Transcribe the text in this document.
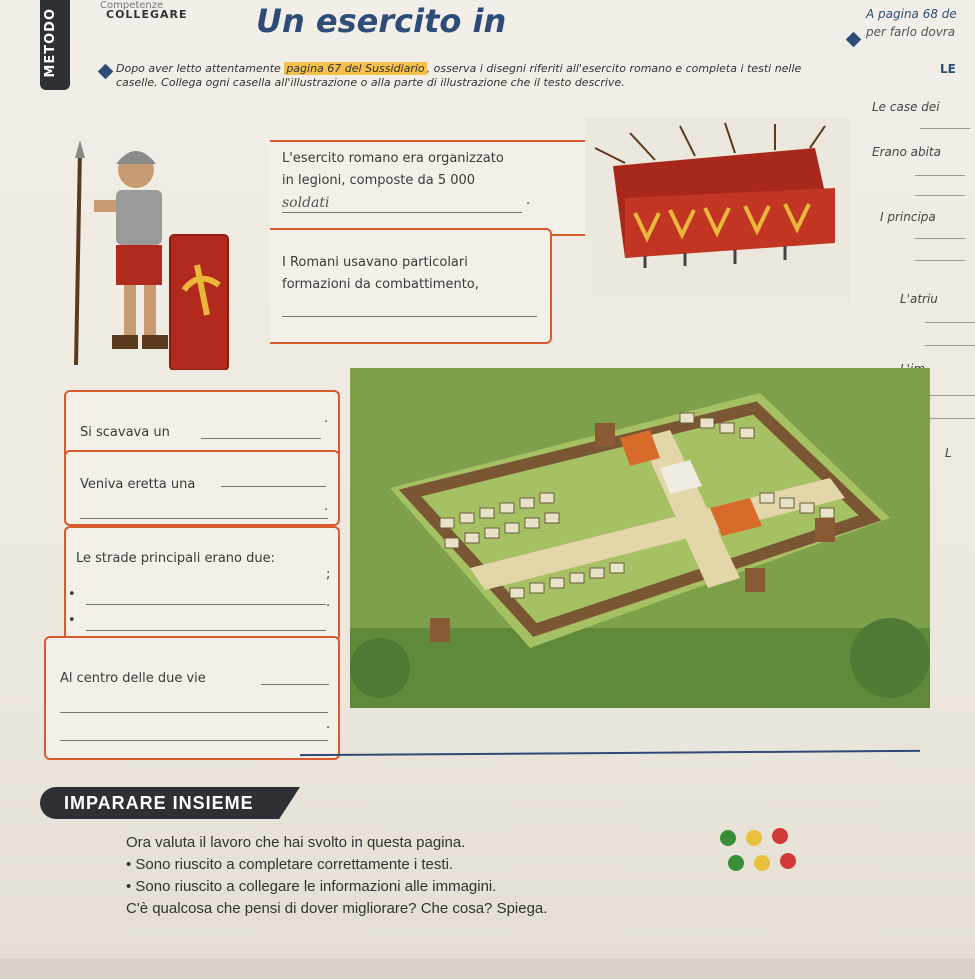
METODO
Competenze
COLLEGARE Un esercito in
Dopo aver letto attentamente pagina 67 del Sussidiario , osserva i disegni riferiti all'esercito romano e completa i testi nelle caselle. Collega ogni casella all'illustrazione o alla parte di illustrazione che il testo descrive.
A pagina 68 de
per farlo dovra
LE
Le case dei
Erano abita
I principa
L'atriu
L
L'esercito romano era organizzato
in legioni, composte da 5 000
soldati	.
I Romani usavano particolari
formazioni da combattimento,
Si scavava un
.
Veniva eretta una
.
Le strade principali erano due:
•
;
•
.
Al centro delle due vie
.
IMPARARE INSIEME
Ora valuta il lavoro che hai svolto in questa pagina.
• Sono riuscito a completare correttamente i testi.
• Sono riuscito a collegare le informazioni alle immagini.
C'è qualcosa che pensi di dover migliorare? Che cosa? Spiega.
